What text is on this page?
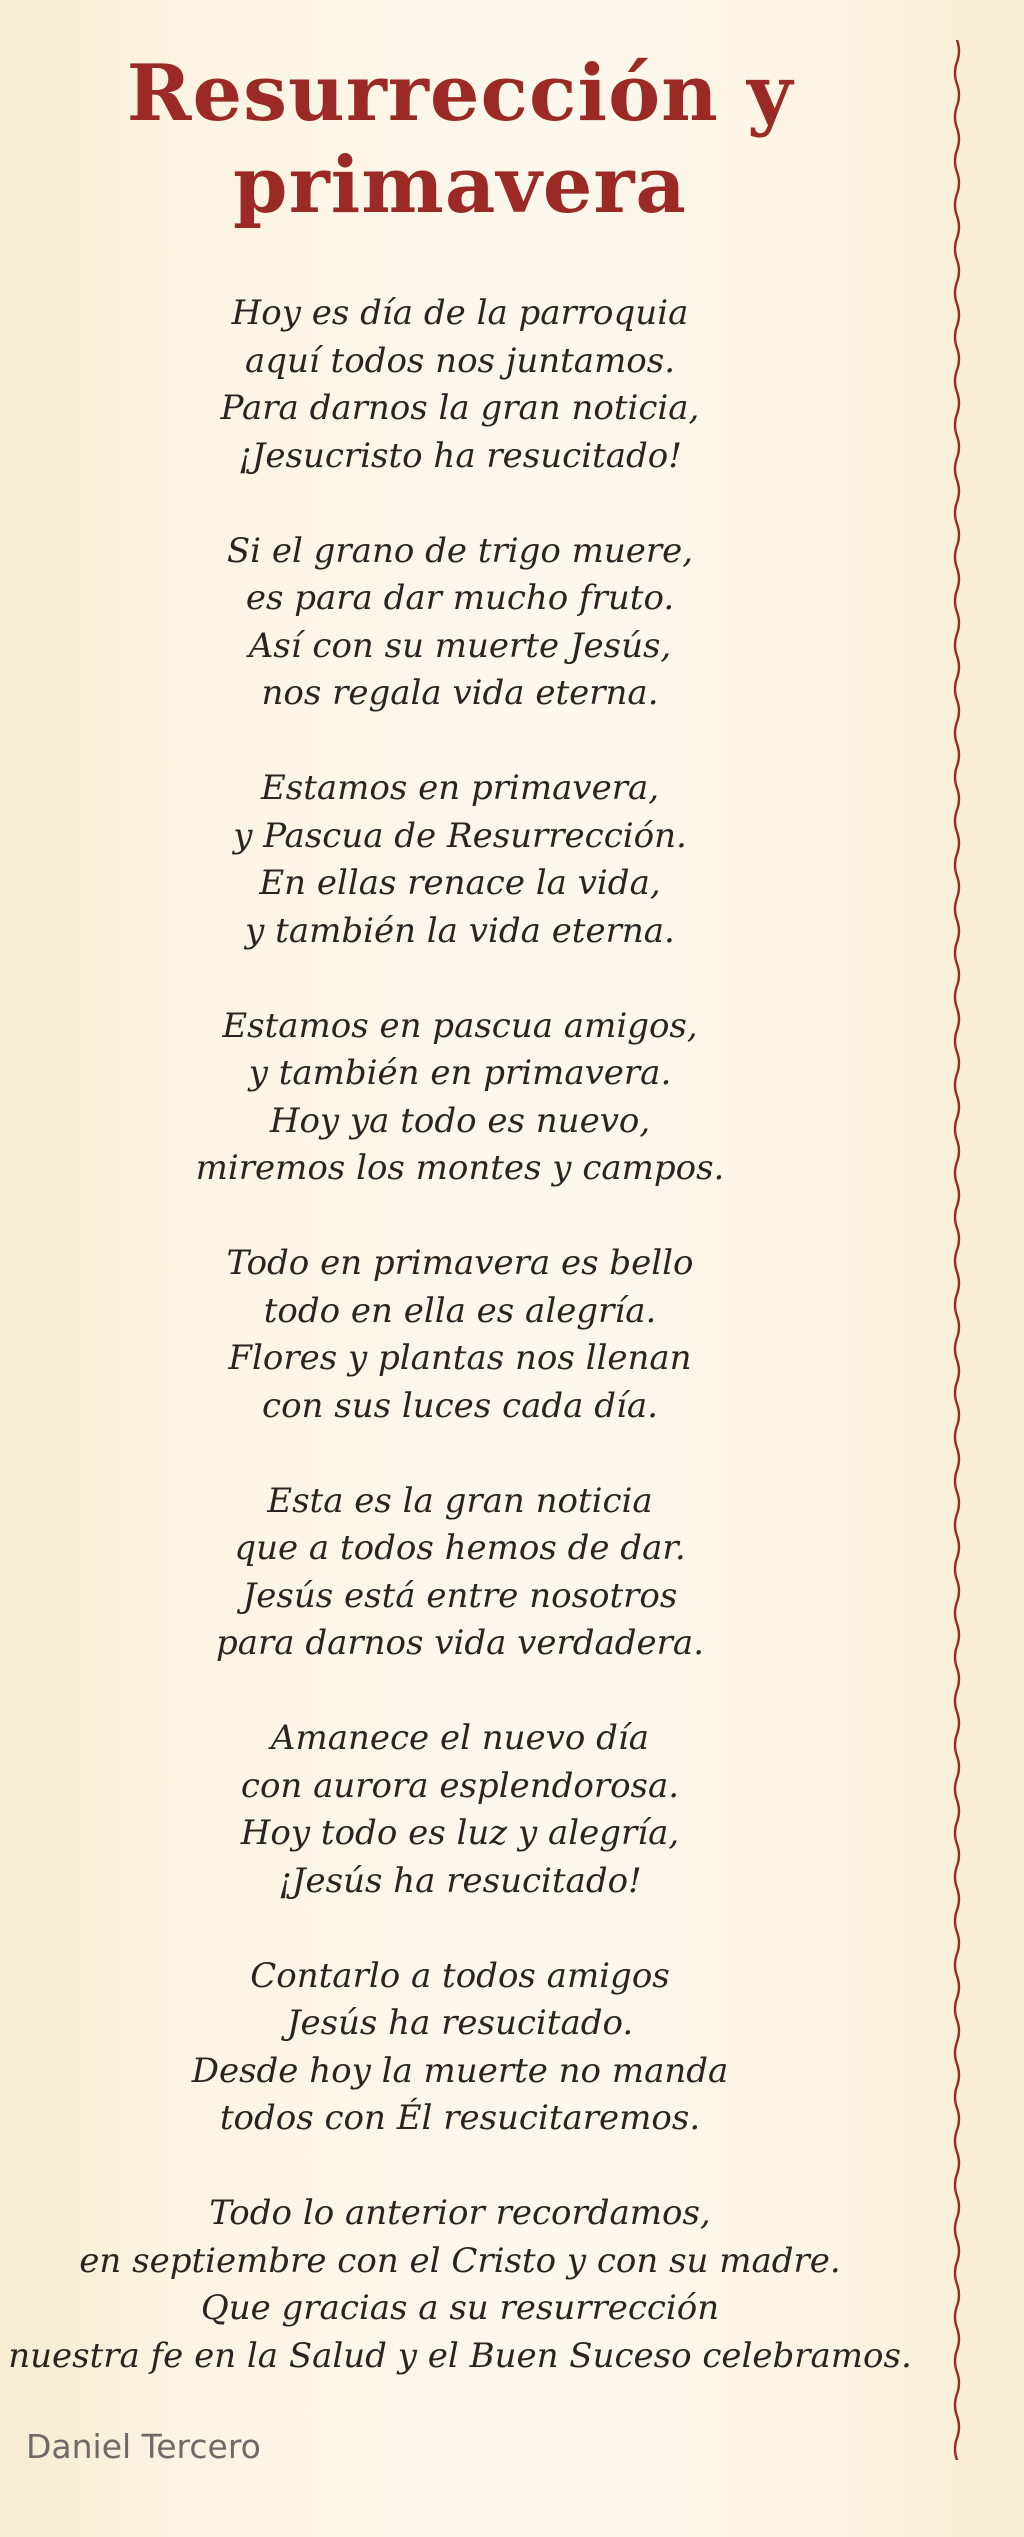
Resurrección y
primavera
Hoy es día de la parroquia
aquí todos nos juntamos.
Para darnos la gran noticia,
¡Jesucristo ha resucitado!
Si el grano de trigo muere,
es para dar mucho fruto.
Así con su muerte Jesús,
nos regala vida eterna.
Estamos en primavera,
y Pascua de Resurrección.
En ellas renace la vida,
y también la vida eterna.
Estamos en pascua amigos,
y también en primavera.
Hoy ya todo es nuevo,
miremos los montes y campos.
Todo en primavera es bello
todo en ella es alegría.
Flores y plantas nos llenan
con sus luces cada día.
Esta es la gran noticia
que a todos hemos de dar.
Jesús está entre nosotros
para darnos vida verdadera.
Amanece el nuevo día
con aurora esplendorosa.
Hoy todo es luz y alegría,
¡Jesús ha resucitado!
Contarlo a todos amigos
Jesús ha resucitado.
Desde hoy la muerte no manda
todos con Él resucitaremos.
Todo lo anterior recordamos,
en septiembre con el Cristo y con su madre.
Que gracias a su resurrección
nuestra fe en la Salud y el Buen Suceso celebramos.
Daniel Tercero
